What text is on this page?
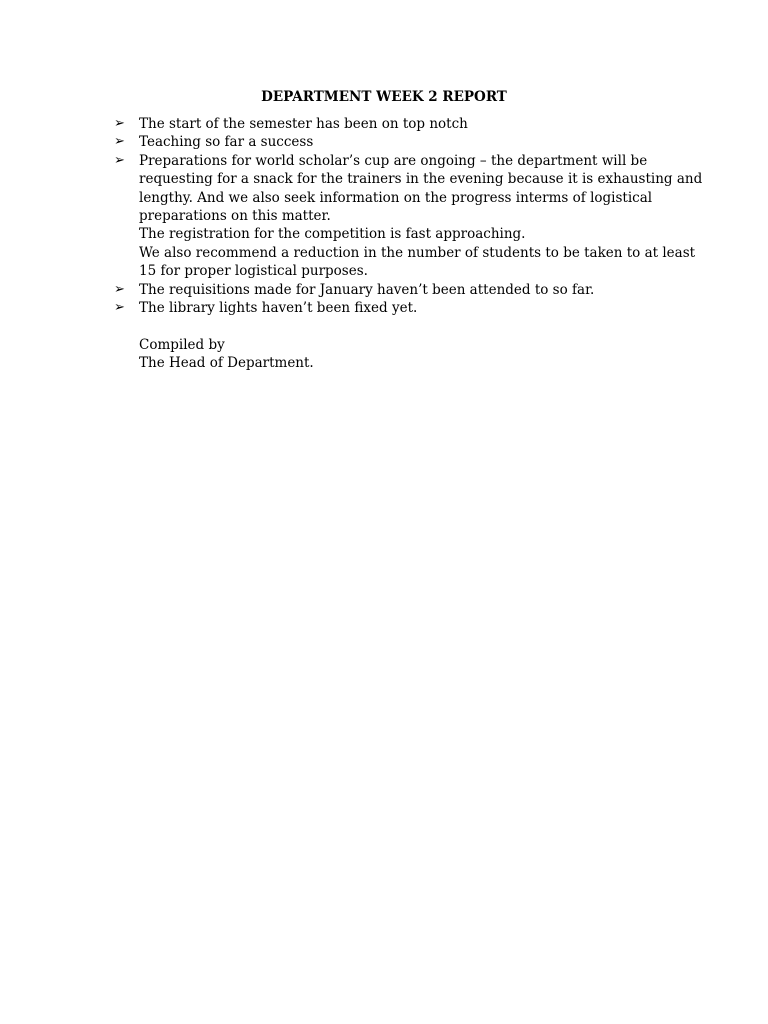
DEPARTMENT WEEK 2 REPORT
➢	The start of the semester has been on top notch
➢	Teaching so far a success
➢	Preparations for world scholar’s cup are ongoing – the department will be
requesting for a snack for the trainers in the evening because it is exhausting and
lengthy. And we also seek information on the progress interms of logistical
preparations on this matter.
The registration for the competition is fast approaching.
We also recommend a reduction in the number of students to be taken to at least
15 for proper logistical purposes.
➢	The requisitions made for January haven’t been attended to so far.
➢	The library lights haven’t been fixed yet.
Compiled by
The Head of Department.
